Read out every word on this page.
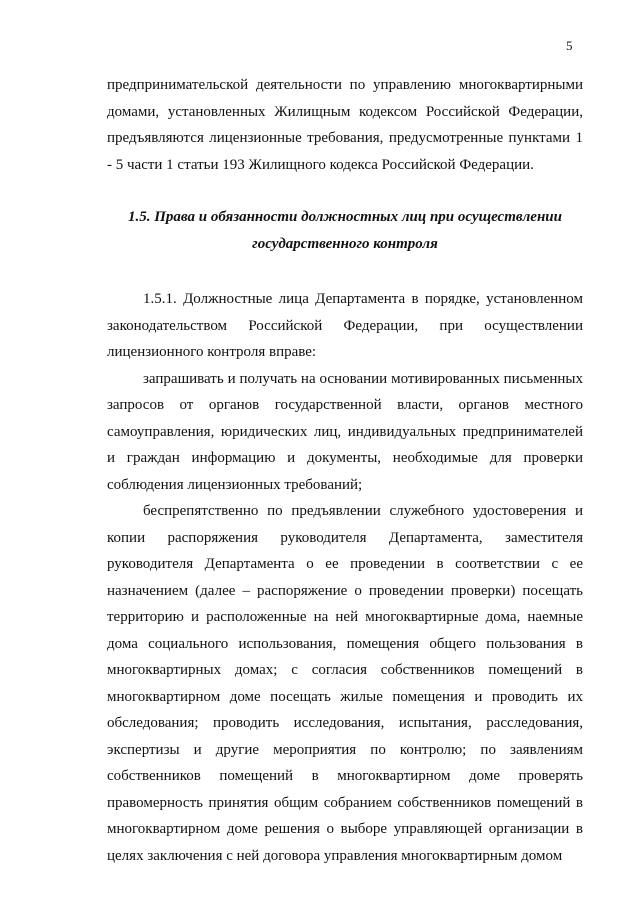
5

предпринимательской деятельности по управлению многоквартирными домами, установленных Жилищным кодексом Российской Федерации, предъявляются лицензионные требования, предусмотренные пунктами 1 - 5 части 1 статьи 193 Жилищного кодекса Российской Федерации.

1.5. Права и обязанности должностных лиц при осуществлении
государственного контроля

1.5.1. Должностные лица Департамента в порядке, установленном законодательством Российской Федерации, при осуществлении лицензионного контроля вправе:

запрашивать и получать на основании мотивированных письменных запросов от органов государственной власти, органов местного самоуправления, юридических лиц, индивидуальных предпринимателей и граждан информацию и документы, необходимые для проверки соблюдения лицензионных требований;

беспрепятственно по предъявлении служебного удостоверения и копии распоряжения руководителя Департамента, заместителя руководителя Департамента о ее проведении в соответствии с ее назначением (далее – распоряжение о проведении проверки) посещать территорию и расположенные на ней многоквартирные дома, наемные дома социального использования, помещения общего пользования в многоквартирных домах; с согласия собственников помещений в многоквартирном доме посещать жилые помещения и проводить их обследования; проводить исследования, испытания, расследования, экспертизы и другие мероприятия по контролю; по заявлениям собственников помещений в многоквартирном доме проверять правомерность принятия общим собранием собственников помещений в многоквартирном доме решения о выборе управляющей организации в целях заключения с ней договора управления многоквартирным домом
